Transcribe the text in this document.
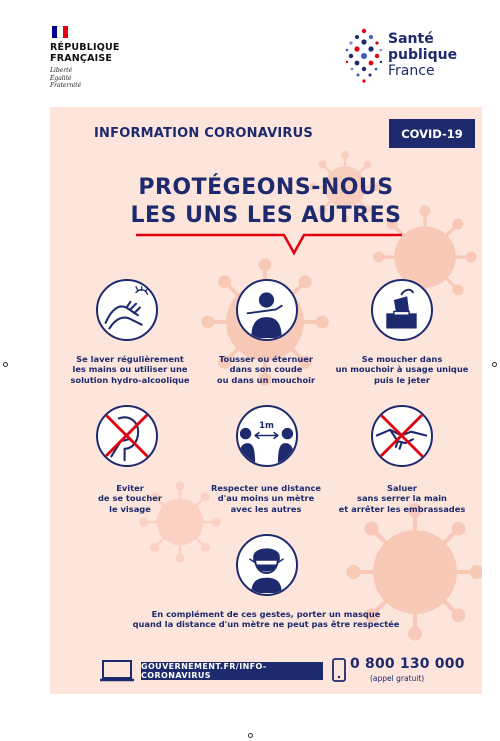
RÉPUBLIQUE
FRANÇAISE
Liberté
Égalité
Fraternité
Santé
publique
France
INFORMATION CORONAVIRUS	COVID-19
PROTÉGEONS-NOUS
LES UNS LES AUTRES
Se laver régulièrement
les mains ou utiliser une
solution hydro-alcoolique
Tousser ou éternuer
dans son coude
ou dans un mouchoir
Se moucher dans
un mouchoir à usage unique
puis le jeter
Eviter
de se toucher
le visage
1m
Respecter une distance
d'au moins un mètre
avec les autres
Saluer
sans serrer la main
et arrêter les embrassades
En complément de ces gestes, porter un masque
quand la distance d'un mètre ne peut pas être respectée
GOUVERNEMENT.FR/INFO-CORONAVIRUS
0 800 130 000
(appel gratuit)
